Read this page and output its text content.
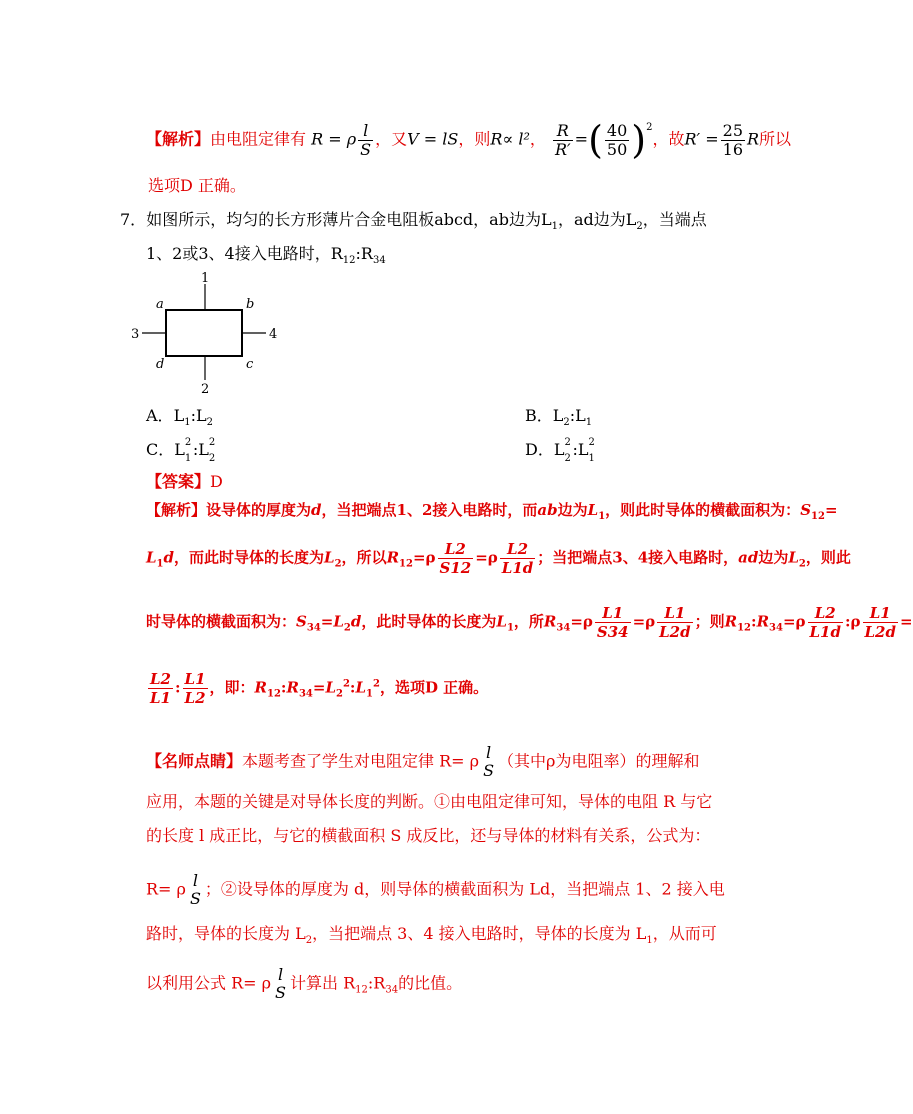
【解析】由电阻定律有 R = ρ $\frac{l}{S}$ ，又V = lS，则R∝ l²， $\frac{R}{R'}$ =( $\frac{40}{50} )^2$，故$R' = \frac{25}{16}$ R所以
选项D 正确。
7．如图所示，均匀的长方形薄片合金电阻板abcd，ab边为$L_1$，ad边为$L_2$，当端点
1、2或3、4接入电路时，$R_{12}:R_{34}$
1
2
3	4
a	b
d	c
A．$L_1:L_2$	B．$L_2:L_1$
C．L 2
1 :L 2
2	D．L 2
2 :L 2
1
【答案】D
【解析】设导体的厚度为d，当把端点1、2接入电路时，而ab边为$L_1$，则此时导体的横截面积为：$S_{12}=$
$L_1d$，而此时导体的长度为$L_2$，所以$R_{12}=\rho \frac{L2}{S12} =\rho \frac{L2}{L1d}$ ；当把端点3、4接入电路时，ad边为$L_2$，则此
时导体的横截面积为：$S_{34}=L_2d$，此时导体的长度为$L_1$，所$R_{34}=\rho \frac{L1}{S34} =\rho \frac{L1}{L2d}$ ；则$R_{12}:R_{34}=\rho \frac{L2}{L1d}$ :ρ $\frac{L1}{L2d}$ =
$\frac{L2}{L1}$ : $\frac{L1}{L2}$ ，即：$R_{12}:R_{34}=L_2^2:L_1^2$，选项D 正确。
【名师点睛】本题考查了学生对电阻定律 R= ρ l
S （其中ρ为电阻率）的理解和
应用，本题的关键是对导体长度的判断。①由电阻定律可知，导体的电阻 R 与它
的长度 l 成正比，与它的横截面积 S 成反比，还与导体的材料有关系，公式为：
R= ρ l
S ；②设导体的厚度为 d，则导体的横截面积为 Ld，当把端点 1、2 接入电
路时，导体的长度为 $L_2$，当把端点 3、4 接入电路时，导体的长度为 $L_1$，从而可
以利用公式 R= ρ l
S 计算出 $R_{12}:R_{34}$的比值。
